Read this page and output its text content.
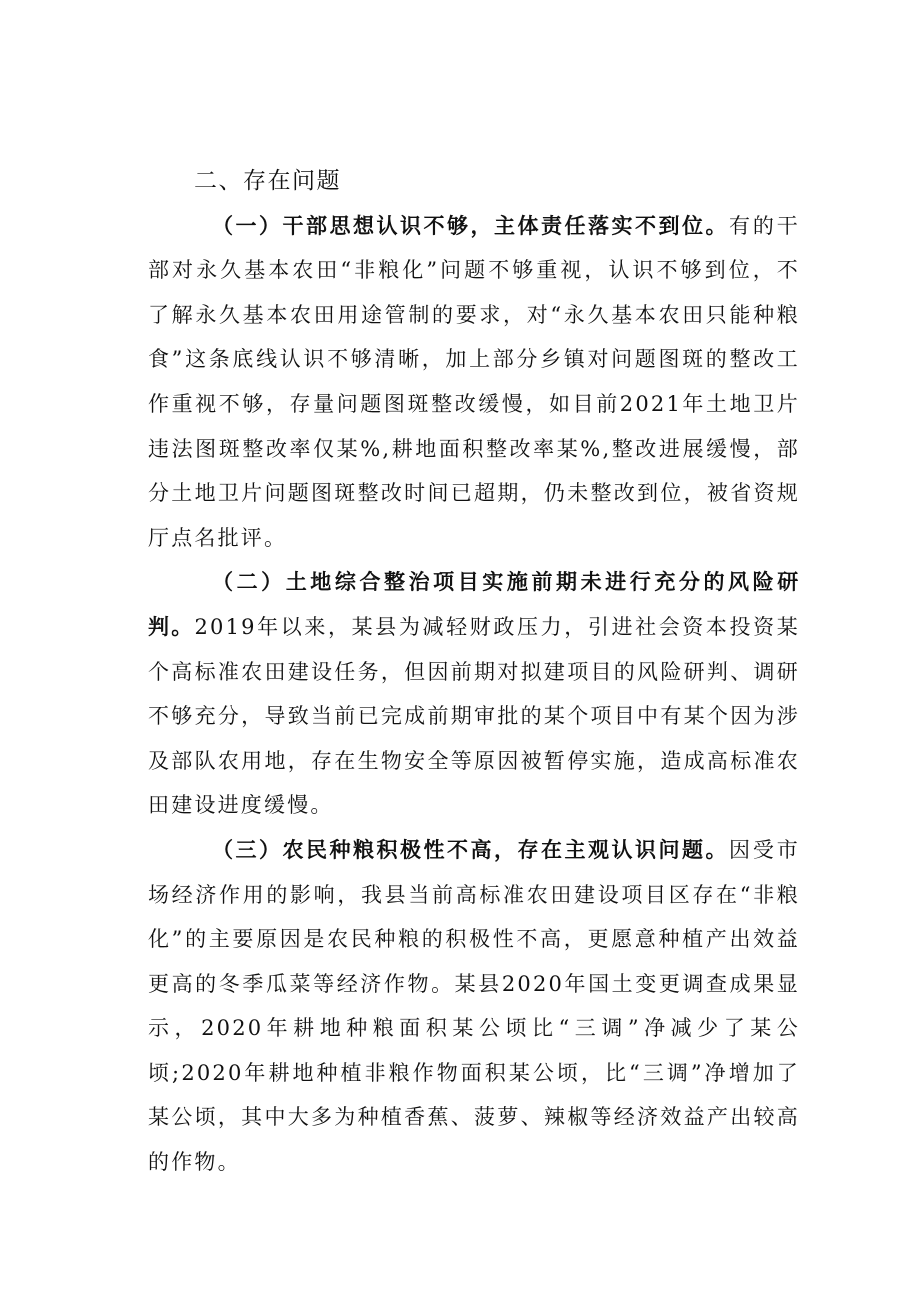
二、存在问题

（一）干部思想认识不够，主体责任落实不到位。有的干部对永久基本农田“非粮化”问题不够重视，认识不够到位，不了解永久基本农田用途管制的要求，对“永久基本农田只能种粮食”这条底线认识不够清晰，加上部分乡镇对问题图斑的整改工作重视不够，存量问题图斑整改缓慢，如目前2021年土地卫片违法图斑整改率仅某%,耕地面积整改率某%,整改进展缓慢，部分土地卫片问题图斑整改时间已超期，仍未整改到位，被省资规厅点名批评。

（二）土地综合整治项目实施前期未进行充分的风险研判。2019年以来，某县为减轻财政压力，引进社会资本投资某个高标准农田建设任务，但因前期对拟建项目的风险研判、调研不够充分，导致当前已完成前期审批的某个项目中有某个因为涉及部队农用地，存在生物安全等原因被暂停实施，造成高标准农田建设进度缓慢。

（三）农民种粮积极性不高，存在主观认识问题。因受市场经济作用的影响，我县当前高标准农田建设项目区存在“非粮化”的主要原因是农民种粮的积极性不高，更愿意种植产出效益更高的冬季瓜菜等经济作物。某县2020年国土变更调查成果显示，2020年耕地种粮面积某公顷比“三调”净减少了某公顷;2020年耕地种植非粮作物面积某公顷，比“三调”净增加了某公顷，其中大多为种植香蕉、菠萝、辣椒等经济效益产出较高的作物。
